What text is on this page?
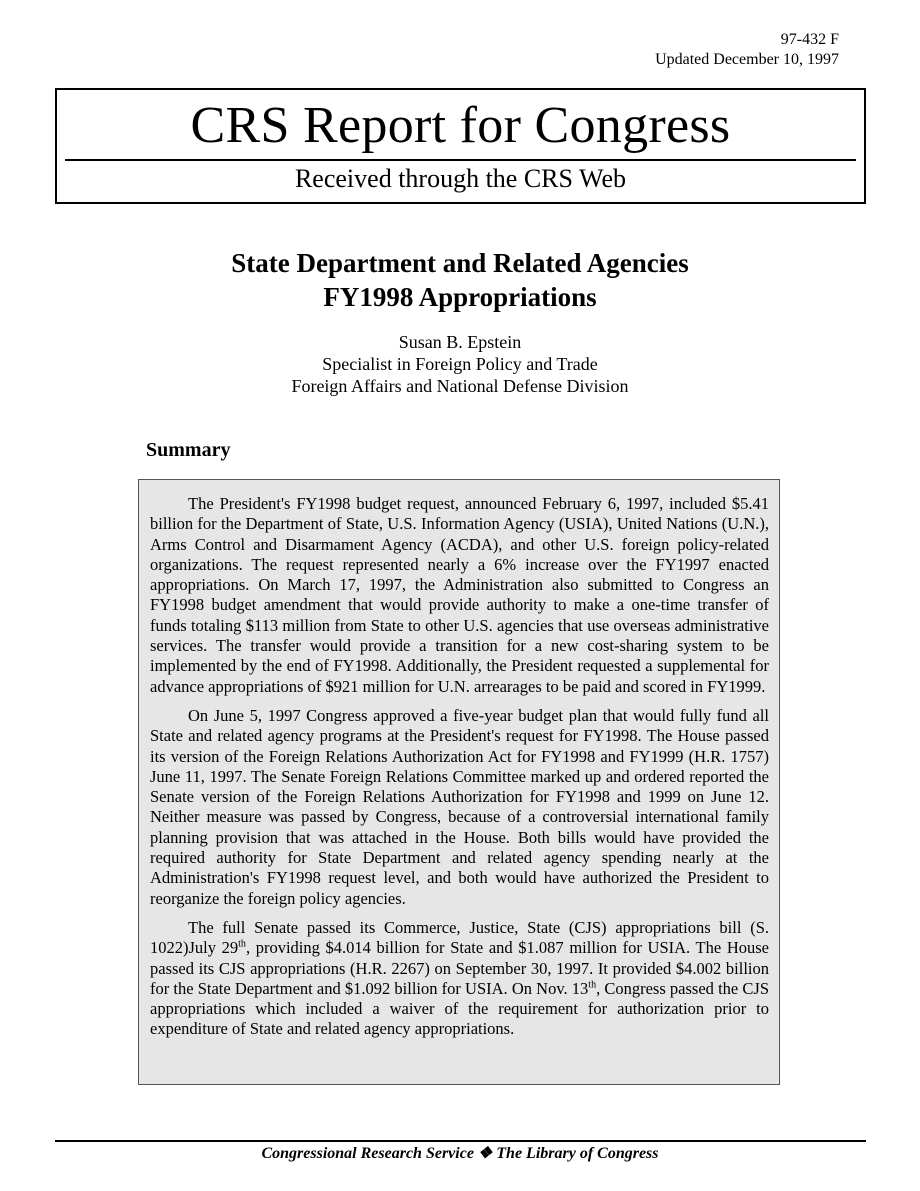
97-432 F
Updated December 10, 1997
CRS Report for Congress
Received through the CRS Web
State Department and Related Agencies
FY1998 Appropriations
Susan B. Epstein
Specialist in Foreign Policy and Trade
Foreign Affairs and National Defense Division
Summary

The President's FY1998 budget request, announced February 6, 1997, included $5.41 billion for the Department of State, U.S. Information Agency (USIA), United Nations (U.N.), Arms Control and Disarmament Agency (ACDA), and other U.S. foreign policy-related organizations. The request represented nearly a 6% increase over the FY1997 enacted appropriations. On March 17, 1997, the Administration also submitted to Congress an FY1998 budget amendment that would provide authority to make a one-time transfer of funds totaling $113 million from State to other U.S. agencies that use overseas administrative services. The transfer would provide a transition for a new cost-sharing system to be implemented by the end of FY1998. Additionally, the President requested a supplemental for advance appropriations of $921 million for U.N. arrearages to be paid and scored in FY1999.

On June 5, 1997 Congress approved a five-year budget plan that would fully fund all State and related agency programs at the President's request for FY1998. The House passed its version of the Foreign Relations Authorization Act for FY1998 and FY1999 (H.R. 1757) June 11, 1997. The Senate Foreign Relations Committee marked up and ordered reported the Senate version of the Foreign Relations Authorization for FY1998 and 1999 on June 12. Neither measure was passed by Congress, because of a controversial international family planning provision that was attached in the House. Both bills would have provided the required authority for State Department and related agency spending nearly at the Administration's FY1998 request level, and both would have authorized the President to reorganize the foreign policy agencies.

The full Senate passed its Commerce, Justice, State (CJS) appropriations bill (S. 1022)July 29th, providing $4.014 billion for State and $1.087 million for USIA. The House passed its CJS appropriations (H.R. 2267) on September 30, 1997. It provided $4.002 billion for the State Department and $1.092 billion for USIA. On Nov. 13th, Congress passed the CJS appropriations which included a waiver of the requirement for authorization prior to expenditure of State and related agency appropriations.

Congressional Research Service ❖ The Library of Congress
